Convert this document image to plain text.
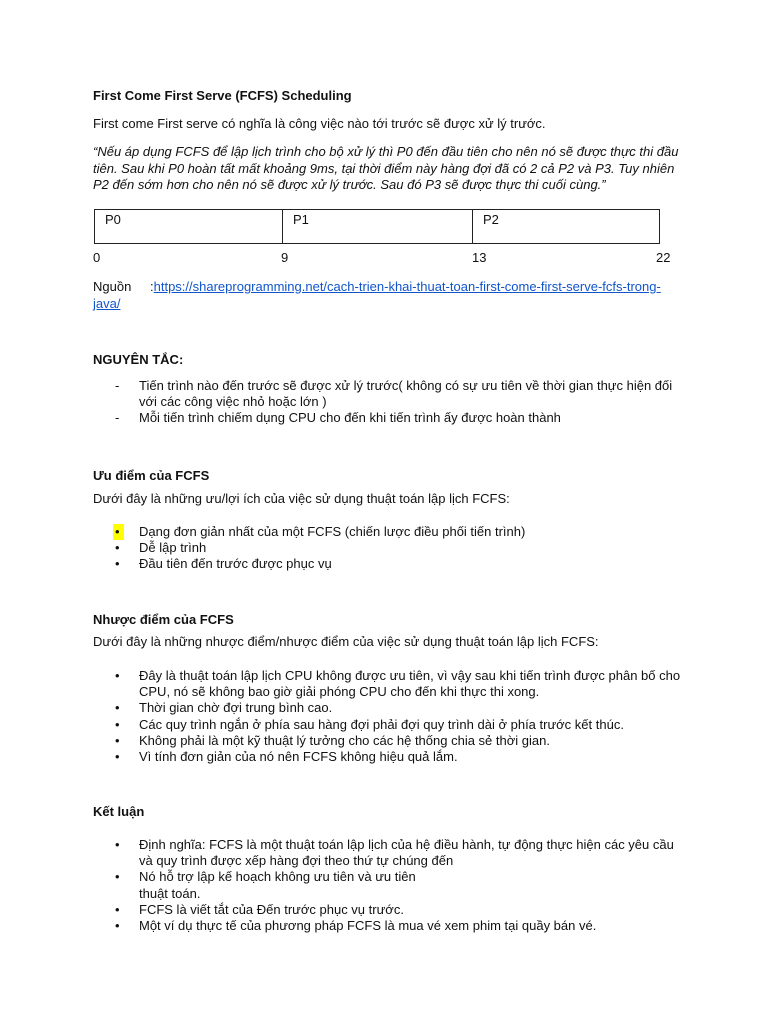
First Come First Serve (FCFS) Scheduling
First come First serve có nghĩa là công việc nào tới trước sẽ được xử lý trước.
“Nếu áp dụng FCFS để lập lịch trình cho bộ xử lý thì P0 đến đầu tiên cho nên nó sẽ được thực thi đầu
tiên. Sau khi P0 hoàn tất mất khoảng 9ms, tại thời điểm này hàng đợi đã có 2 cả P2 và P3. Tuy nhiên
P2 đến sớm hơn cho nên nó sẽ được xử lý trước. Sau đó P3 sẽ được thực thi cuối cùng.”
P0	P1	P2
0	9	13	22
Nguồn :https://shareprogramming.net/cach-trien-khai-thuat-toan-first-come-first-serve-fcfs-trong-
java/
NGUYÊN TẮC:
- Tiến trình nào đến trước sẽ được xử lý trước( không có sự ưu tiên về thời gian thực hiện đối
với các công việc nhỏ hoặc lớn )
- Mỗi tiến trình chiếm dụng CPU cho đến khi tiến trình ấy được hoàn thành
Ưu điểm của FCFS
Dưới đây là những ưu/lợi ích của việc sử dụng thuật toán lập lịch FCFS:
•	Dạng đơn giản nhất của một FCFS (chiến lược điều phối tiến trình)
• Dễ lập trình
• Đầu tiên đến trước được phục vụ
Nhược điểm của FCFS
Dưới đây là những nhược điểm/nhược điểm của việc sử dụng thuật toán lập lịch FCFS:
• Đây là thuật toán lập lịch CPU không được ưu tiên, vì vậy sau khi tiến trình được phân bố cho
CPU, nó sẽ không bao giờ giải phóng CPU cho đến khi thực thi xong.
• Thời gian chờ đợi trung bình cao.
• Các quy trình ngắn ở phía sau hàng đợi phải đợi quy trình dài ở phía trước kết thúc.
• Không phải là một kỹ thuật lý tưởng cho các hệ thống chia sẻ thời gian.
• Vì tính đơn giản của nó nên FCFS không hiệu quả lắm.
Kết luận
• Định nghĩa: FCFS là một thuật toán lập lịch của hệ điều hành, tự động thực hiện các yêu cầu
và quy trình được xếp hàng đợi theo thứ tự chúng đến
• Nó hỗ trợ lập kế hoạch không ưu tiên và ưu tiên
thuật toán.
• FCFS là viết tắt của Đến trước phục vụ trước.
• Một ví dụ thực tế của phương pháp FCFS là mua vé xem phim tại quầy bán vé.
